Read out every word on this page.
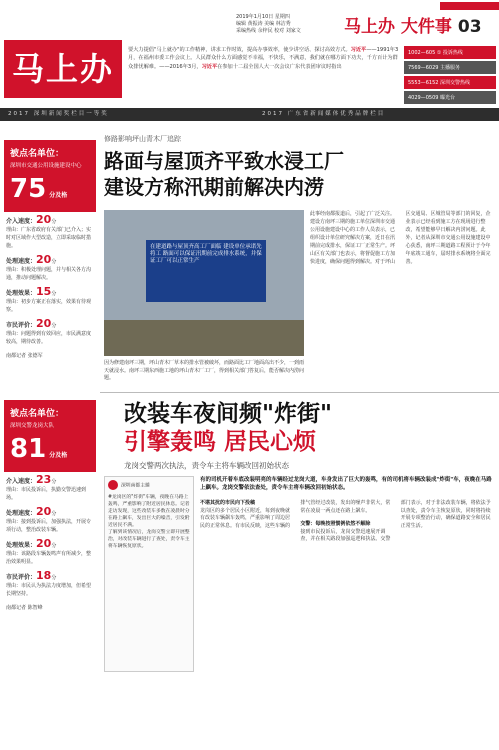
2019年1月10日 星期四
编辑 黄振涛 美编 林洁秀
采编热线 余梓民 校对 刘家文	马上办 大件事 03
马上办	要大力提倡"马上就办"的工作精神，讲求工作时效，提高办事效率，使少讲空话、探讨高效方式。习近平——1991年3月，在福州市委工作会议上。人民群众什么方面感觉不幸福，不快乐，不满意，我们就在哪方面下功夫，千方百计为群众排忧解难。——2016年3月，习近平在参加十二届全国人大一次会议广东代表团审议时指出
1002—605 ① 投诉热线
7569—6029 主播服务
5553—6152 深圳交警热线
4029—0509 曝光台
2017 深圳新闻奖栏目一等奖	2017 广东省新闻媒体优秀品牌栏目
被点名单位：
深圳市交通公用设施建设中心
75 分及格

介入速度：20分
理由：广东省政府有关部门已介入；实时对区域作大型改造，立即采取临时措施。

处理速度：20分
理由：积极处理问题，并与相关各方沟通，推动问题解决。

处理效果：15分
理由：初步方案正在落实，效果有待观察。

市民评价：20分
理由：问题得到有效回应，市民满意度较高，期待改善。

南都记者 张德军

被点名单位：
深圳交警龙岗大队
81 分及格

介入速度：23分
理由：市民投诉后，执勤交警迅速到场。

处理速度：20分
理由：接到投诉后，加强执法，开展专项行动，整治改装车辆。

处理效果：20分
理由：该路段车辆轰鸣声有所减少，整治效果明显。

市民评价：18分
理由：市民认为执法力度增加，但希望长期坚持。

南都记者 陈智峰

修路影响坪山青木厂追踪
路面与屋顶齐平致水浸工厂
建设方称汛期前解决内涝
在建道路与屋顶齐高工厂面临 建设单位承诺先将工 路面可以保证汛期前完成排水系统，并保证工厂可以正常生产
因为修建南坪三期，坪山青木厂草本的排水管被破坏，而路面比工厂地面高出不少，一到雨天就浸水。南坪三期东西施工地的坪山青木厂工厂，得到相关部门答复后，能否解决内涝问题。
此事经南都报道后，引起了广泛关注。建设方南坪三期的施工单位深圳市交通公用设施建设中心的工作人员表示，已组织设计单位研究解决方案，近日在汛期前完成排水，保证工厂正常生产。坪山区有关部门也表示，将督促施工方加快进度，确保问题得到解决。对于坪山区交通局、区城管局等部门的回复，企业表示已经看到施工方在现场进行整改，希望能够早日解决内涝问题。此外，记者从深圳市交通公用设施建设中心获悉，南坪三期道路工程预计于今年年底竣工通车，届时排水系统将全面完善。
改装车夜间频"炸街"
引擎轰鸣 居民心烦
龙岗交警两次执法，责令车主将车辆改回初始状态
深圳南都主播
#龙岗区的"炸街"车辆，夜晚在马路上轰鸣，严重影响了附近居民休息。记者走访发现，这些改装车多数在凌晨时分在路上飙车，发出巨大的噪音，引发附近居民不满。
了解到该情况后，龙岗交警立即开展整治，对改装车辆进行了查处，责令车主将车辆恢复原状。
有的司机开着车底改装明亮的车辆经过龙岗大道，车身发出了巨大的轰鸣，有的司机将车辆改装成"炸街"车，夜晚在马路上飙车。龙岗交警依法查处，责令车主将车辆改回初始状态。

不堪其扰的市民向下投稿

龙岗区的多个居民小区附近，每到夜晚就有改装车辆飙车轰鸣，严重影响了周边居民的正常休息。有市民反映，这些车辆的排气管经过改装，发出的噪声非常大，常常在凌晨一两点还在路上飙车。

交警：每晚按照惯例依然不解除

接到市民投诉后，龙岗交警迅速展开调查，并在相关路段加强巡逻和执法。交警部门表示，对于非法改装车辆，将依法予以查处，责令车主恢复原状，同时将持续开展专项整治行动，确保道路安全和居民正常生活。
